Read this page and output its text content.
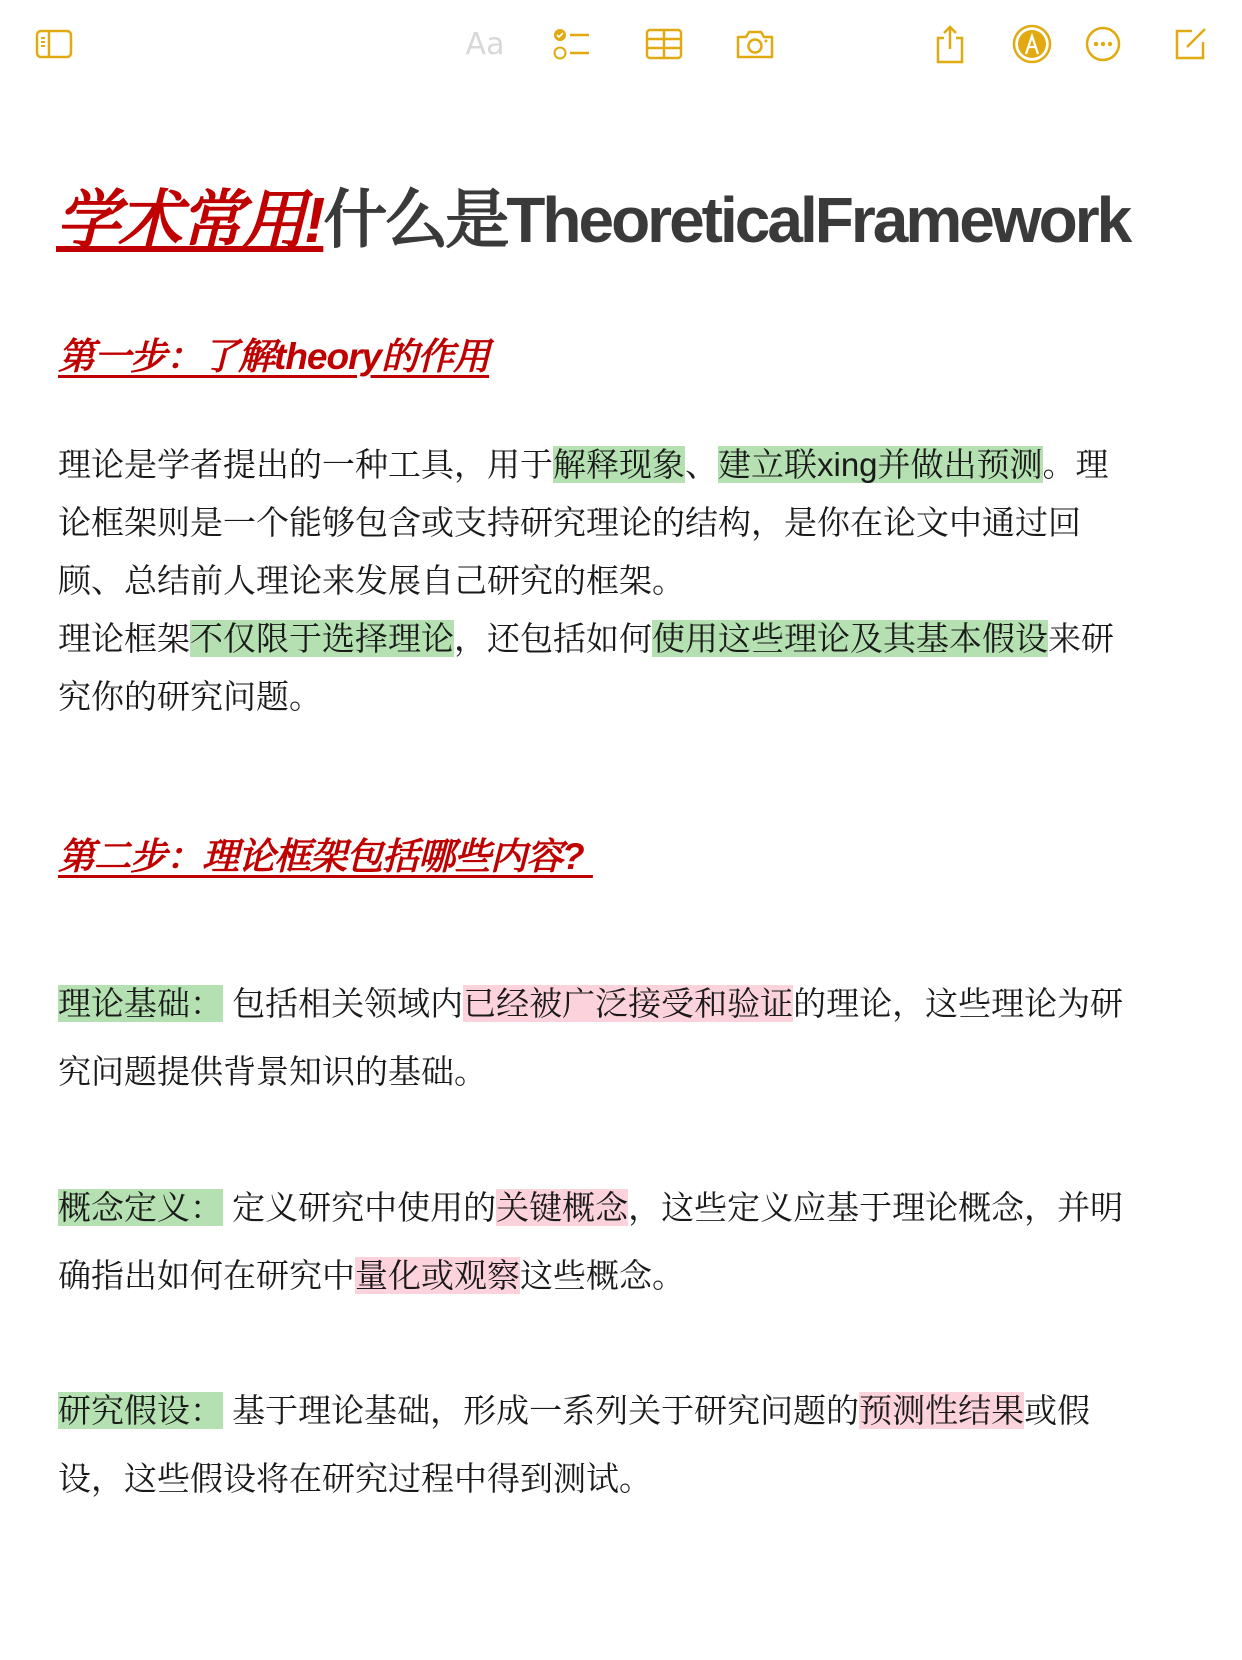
Aa
学术常用!什么是TheoreticalFramework
第一步：了解theory的作用
理论是学者提出的一种工具，用于解释现象、建立联xing并做出预测。理
论框架则是一个能够包含或支持研究理论的结构，是你在论文中通过回
顾、总结前人理论来发展自己研究的框架。
理论框架不仅限于选择理论，还包括如何使用这些理论及其基本假设来研
究你的研究问题。
第二步：理论框架包括哪些内容?
理论基础： 包括相关领域内已经被广泛接受和验证的理论，这些理论为研
究问题提供背景知识的基础。
概念定义： 定义研究中使用的关键概念，这些定义应基于理论概念，并明
确指出如何在研究中量化或观察这些概念。
研究假设： 基于理论基础，形成一系列关于研究问题的预测性结果或假
设，这些假设将在研究过程中得到测试。
